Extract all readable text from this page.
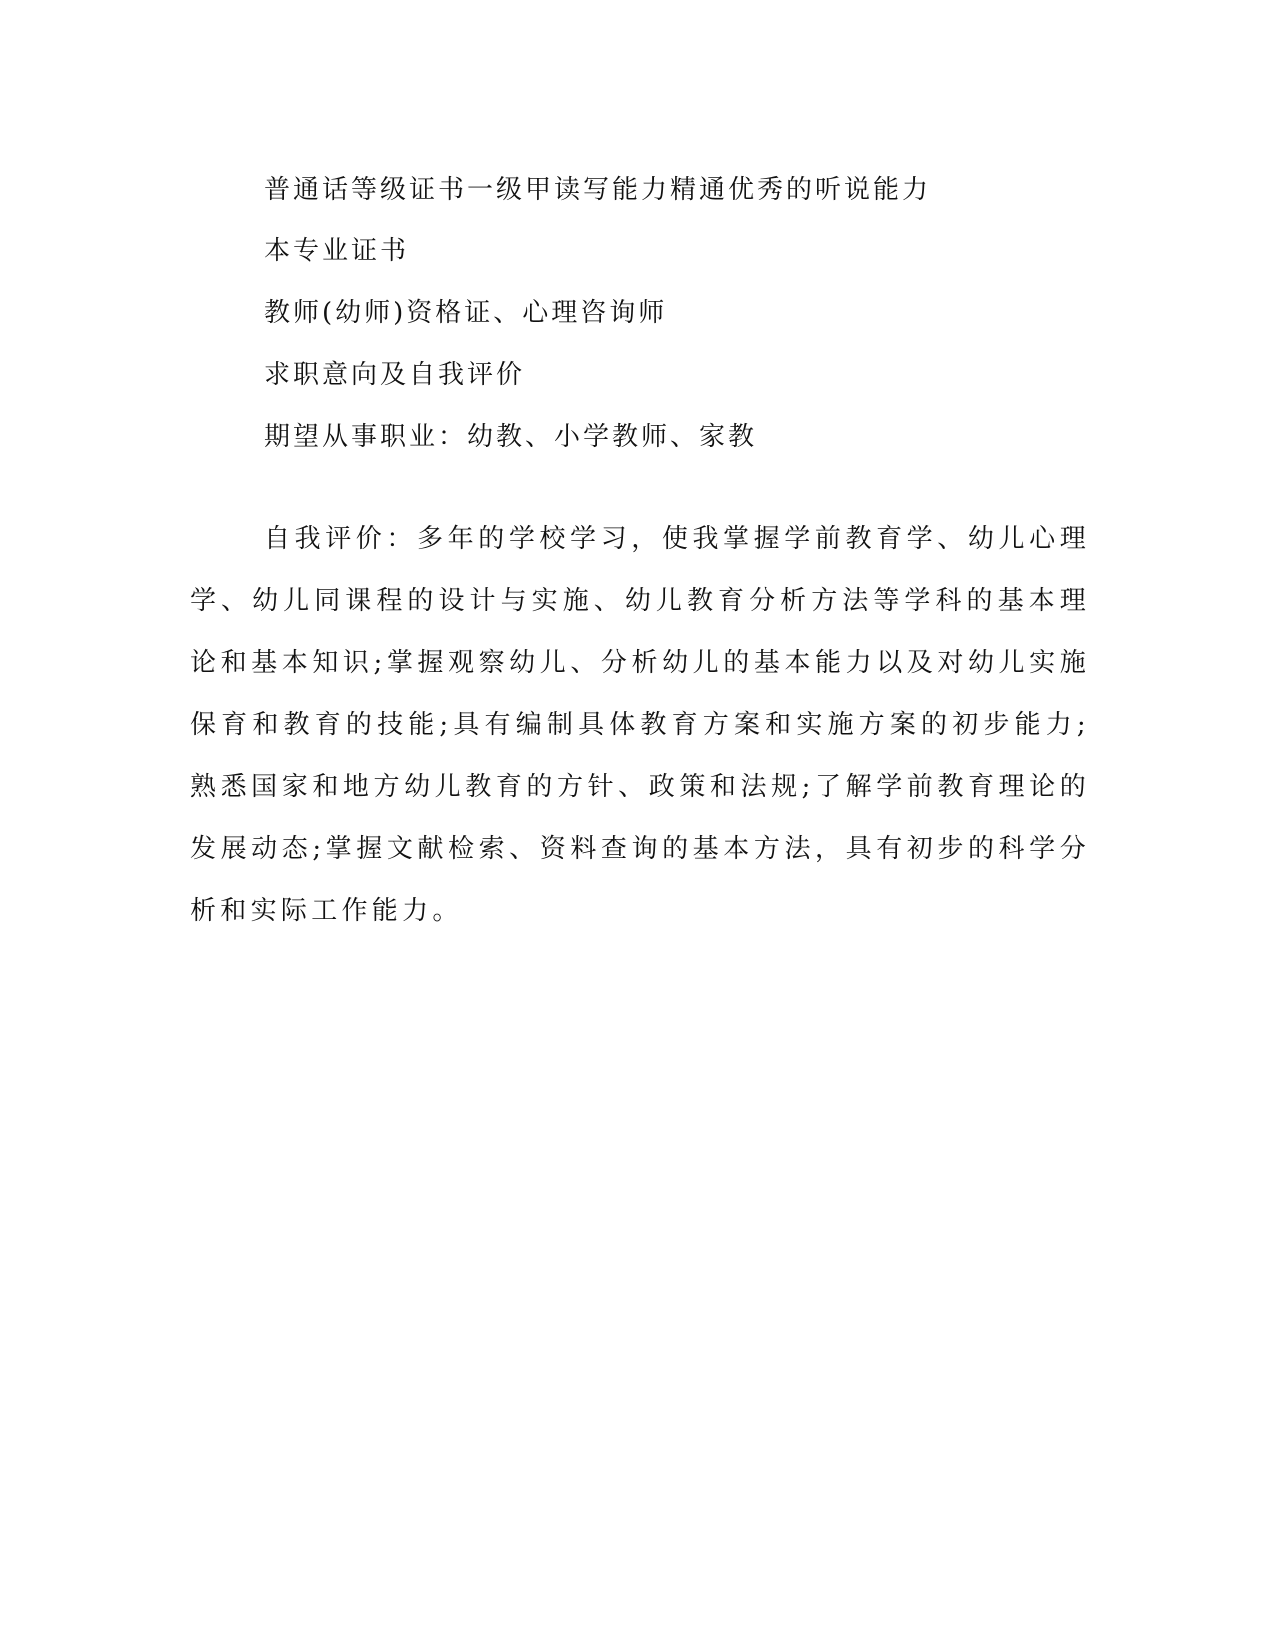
普通话等级证书一级甲读写能力精通优秀的听说能力
本专业证书
教师(幼师)资格证、心理咨询师
求职意向及自我评价
期望从事职业：幼教、小学教师、家教

自我评价：多年的学校学习，使我掌握学前教育学、幼儿心理学、幼儿同课程的设计与实施、幼儿教育分析方法等学科的基本理论和基本知识;掌握观察幼儿、分析幼儿的基本能力以及对幼儿实施保育和教育的技能;具有编制具体教育方案和实施方案的初步能力;熟悉国家和地方幼儿教育的方针、政策和法规;了解学前教育理论的发展动态;掌握文献检索、资料查询的基本方法，具有初步的科学分析和实际工作能力。
